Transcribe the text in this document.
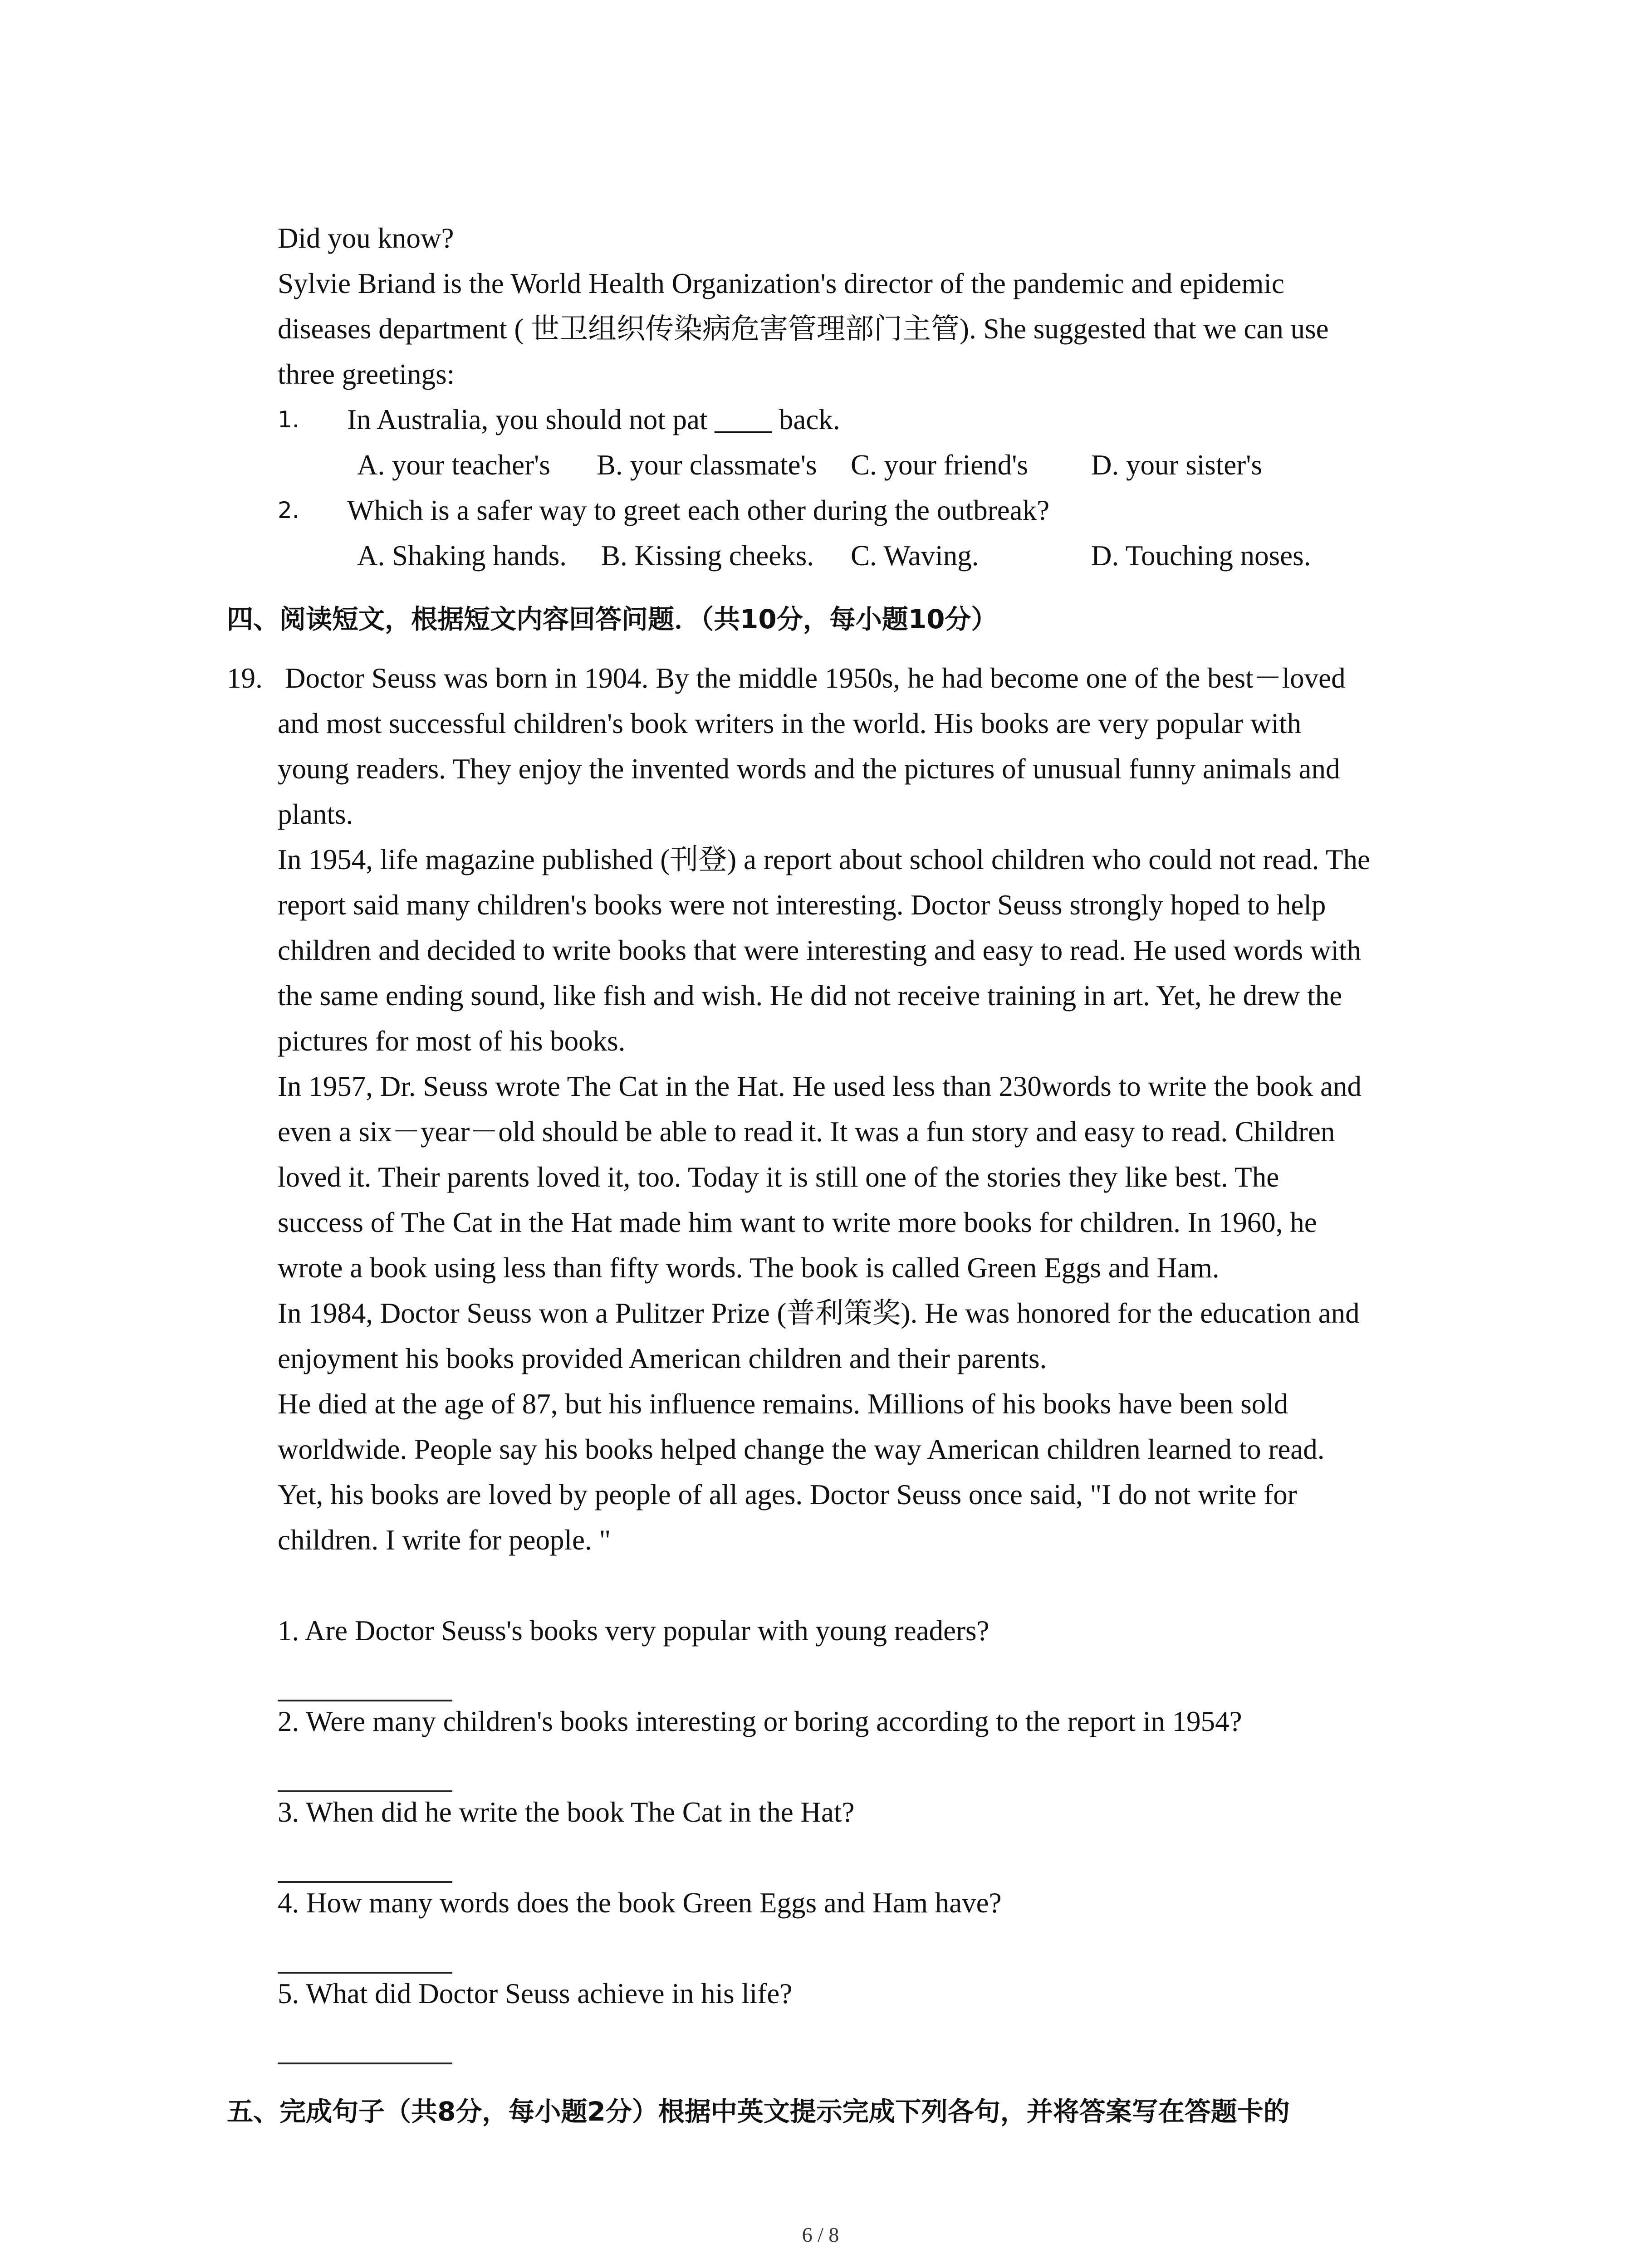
Did you know?
Sylvie Briand is the World Health Organization's director of the pandemic and epidemic
diseases department ( 世卫组织传染病危害管理部门主管). She suggested that we can use
three greetings:
1. In Australia, you should not pat ____ back.
A. your teacher's B. your classmate's C. your friend's D. your sister's
2. Which is a safer way to greet each other during the outbreak?
A. Shaking hands. B. Kissing cheeks. C. Waving.	D. Touching noses.
四、阅读短文，根据短文内容回答问题．（共10分，每小题10分）
19. Doctor Seuss was born in 1904. By the middle 1950s, he had become one of the best－loved
and most successful children's book writers in the world. His books are very popular with
young readers. They enjoy the invented words and the pictures of unusual funny animals and
plants.
In 1954, life magazine published (刊登) a report about school children who could not read. The
report said many children's books were not interesting. Doctor Seuss strongly hoped to help
children and decided to write books that were interesting and easy to read. He used words with
the same ending sound, like fish and wish. He did not receive training in art. Yet, he drew the
pictures for most of his books.
In 1957, Dr. Seuss wrote The Cat in the Hat. He used less than 230words to write the book and
even a six－year－old should be able to read it. It was a fun story and easy to read. Children
loved it. Their parents loved it, too. Today it is still one of the stories they like best. The
success of The Cat in the Hat made him want to write more books for children. In 1960, he
wrote a book using less than fifty words. The book is called Green Eggs and Ham.
In 1984, Doctor Seuss won a Pulitzer Prize (普利策奖). He was honored for the education and
enjoyment his books provided American children and their parents.
He died at the age of 87, but his influence remains. Millions of his books have been sold
worldwide. People say his books helped change the way American children learned to read.
Yet, his books are loved by people of all ages. Doctor Seuss once said, "I do not write for
children. I write for people. "
1. Are Doctor Seuss's books very popular with young readers?
2. Were many children's books interesting or boring according to the report in 1954?
3. When did he write the book The Cat in the Hat?
4. How many words does the book Green Eggs and Ham have?
5. What did Doctor Seuss achieve in his life?
五、完成句子（共8分，每小题2分）根据中英文提示完成下列各句，并将答案写在答题卡的
6 / 8
